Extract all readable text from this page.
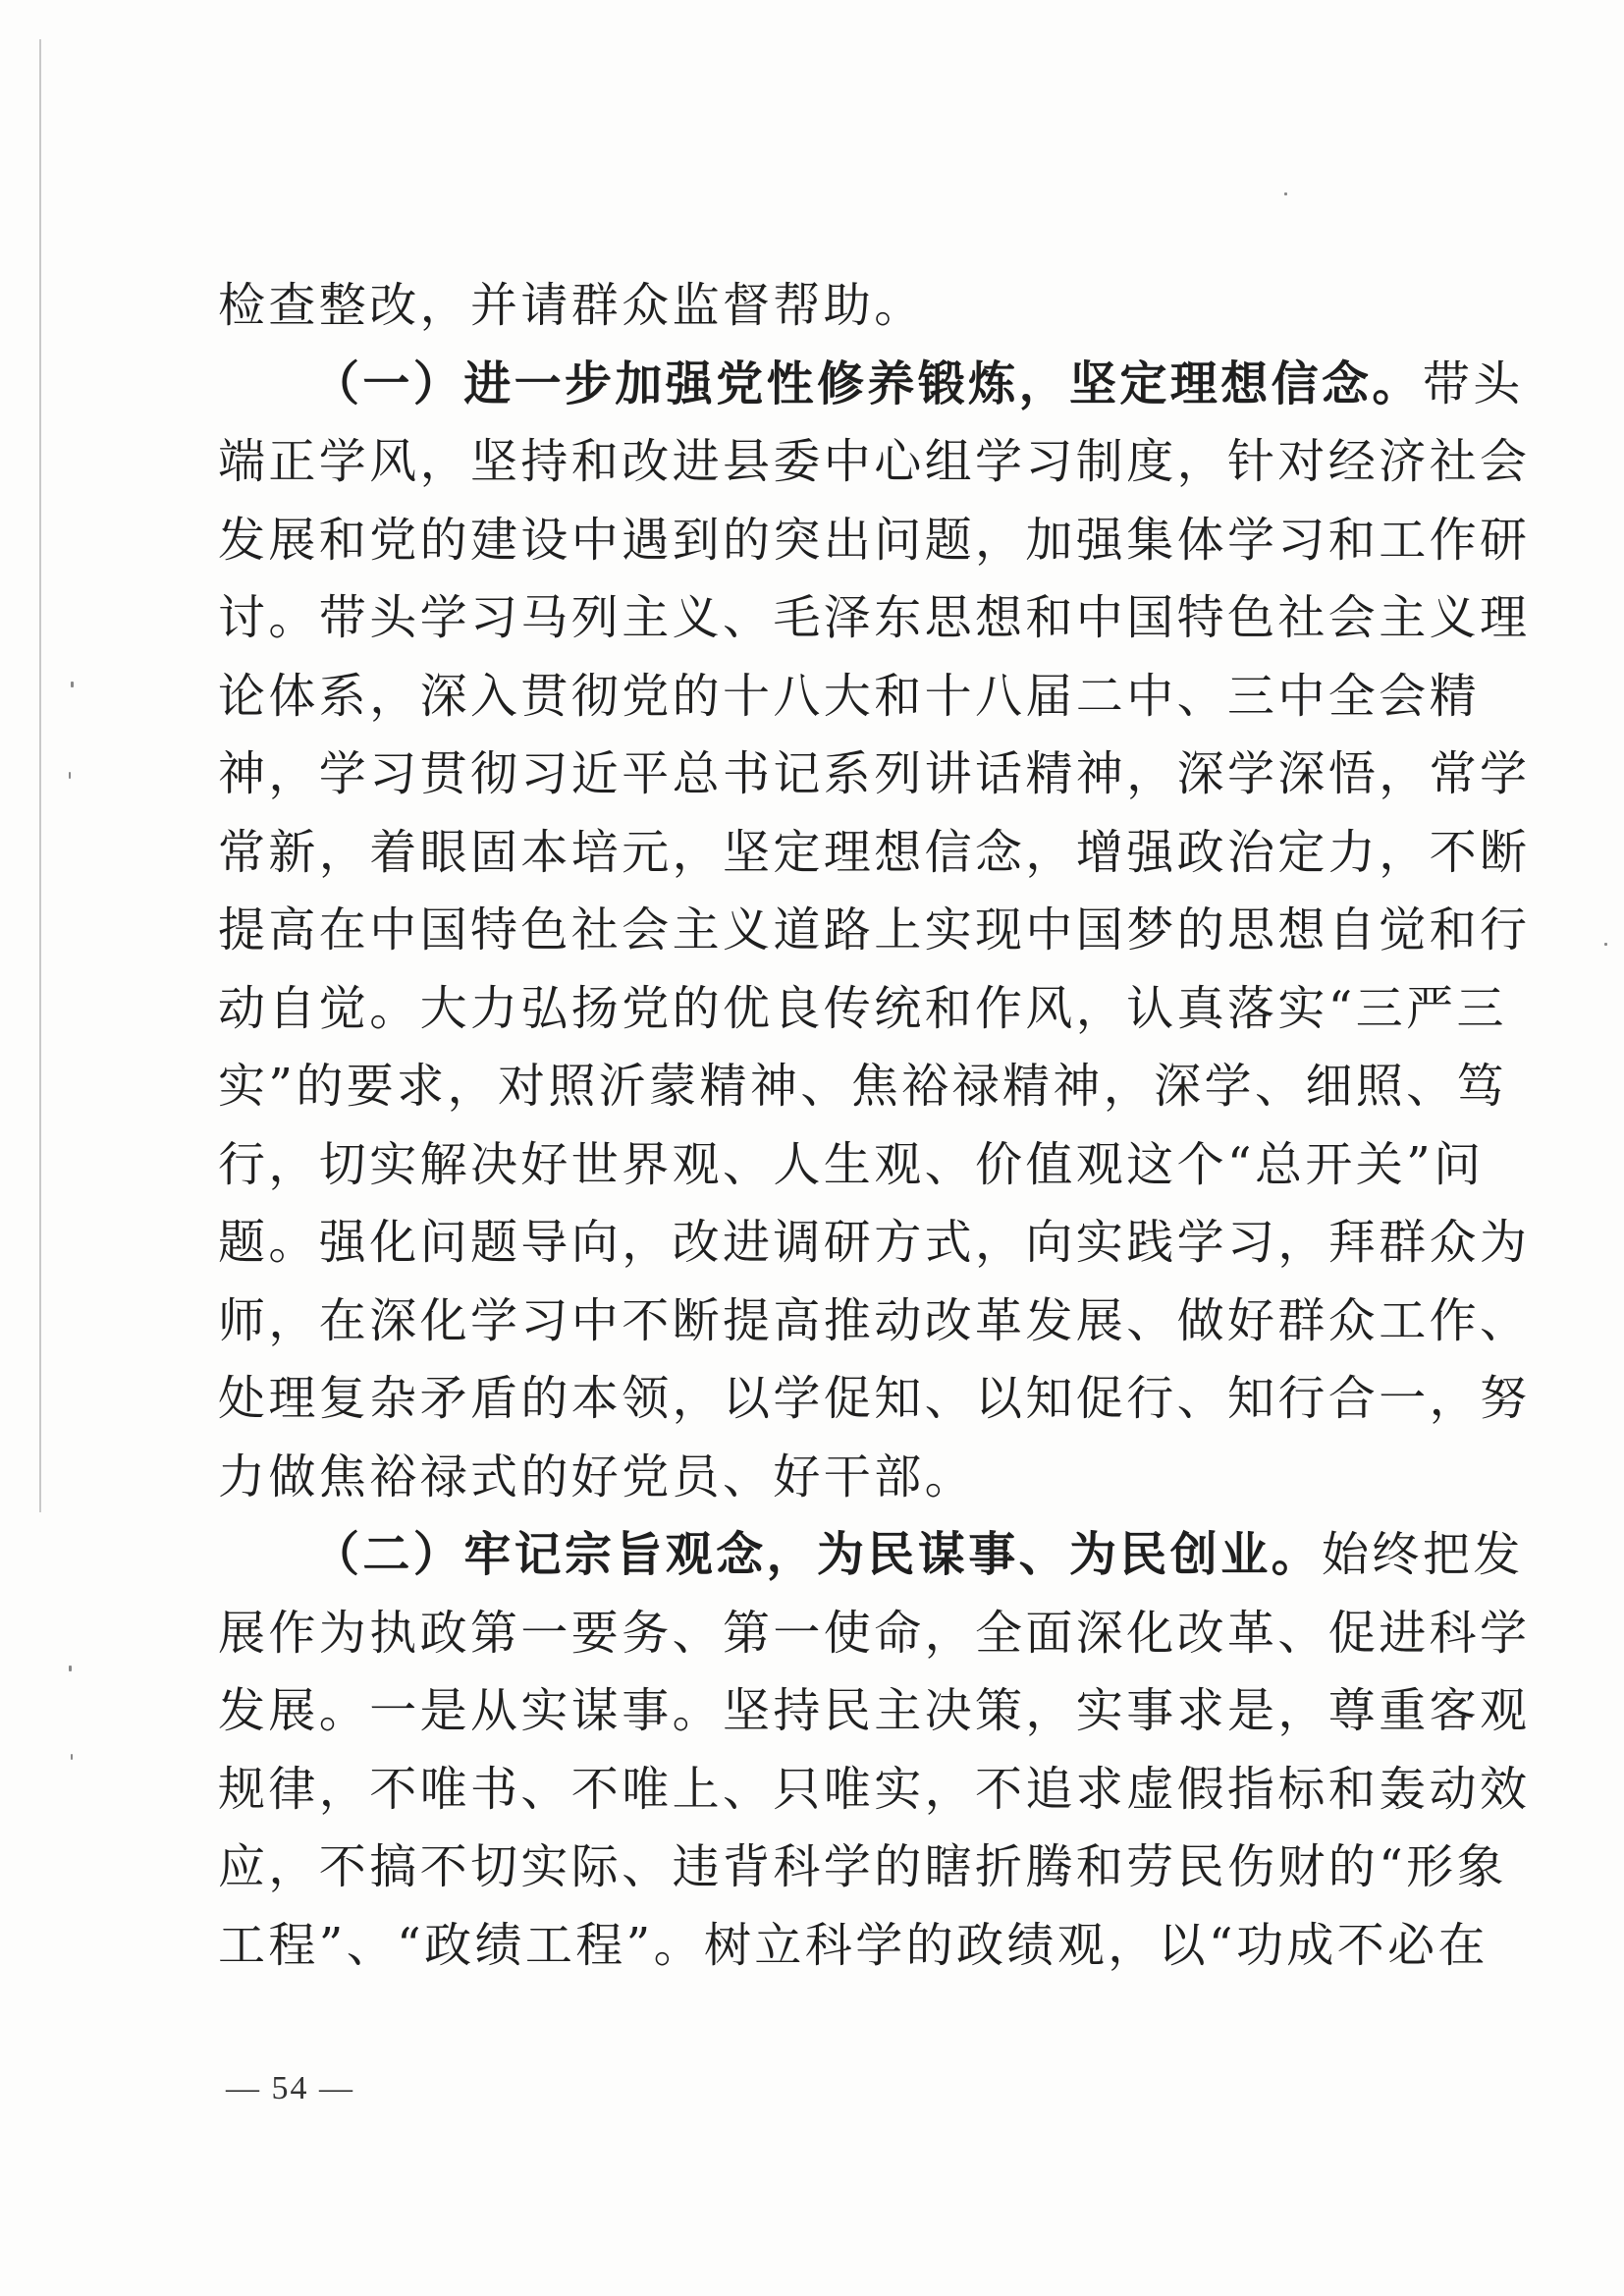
检查整改，并请群众监督帮助。
（一）进一步加强党性修养锻炼，坚定理想信念。带头
端正学风，坚持和改进县委中心组学习制度，针对经济社会
发展和党的建设中遇到的突出问题，加强集体学习和工作研
讨。带头学习马列主义、毛泽东思想和中国特色社会主义理
论体系，深入贯彻党的十八大和十八届二中、三中全会精
神，学习贯彻习近平总书记系列讲话精神，深学深悟，常学
常新，着眼固本培元，坚定理想信念，增强政治定力，不断
提高在中国特色社会主义道路上实现中国梦的思想自觉和行
动自觉。大力弘扬党的优良传统和作风，认真落实“三严三
实”的要求，对照沂蒙精神、焦裕禄精神，深学、细照、笃
行，切实解决好世界观、人生观、价值观这个“总开关”问
题。强化问题导向，改进调研方式，向实践学习，拜群众为
师，在深化学习中不断提高推动改革发展、做好群众工作、
处理复杂矛盾的本领，以学促知、以知促行、知行合一，努
力做焦裕禄式的好党员、好干部。
（二）牢记宗旨观念，为民谋事、为民创业。始终把发
展作为执政第一要务、第一使命，全面深化改革、促进科学
发展。一是从实谋事。坚持民主决策，实事求是，尊重客观
规律，不唯书、不唯上、只唯实，不追求虚假指标和轰动效
应，不搞不切实际、违背科学的瞎折腾和劳民伤财的“形象
工程”、“政绩工程”。树立科学的政绩观，以“功成不必在
— 54 —
